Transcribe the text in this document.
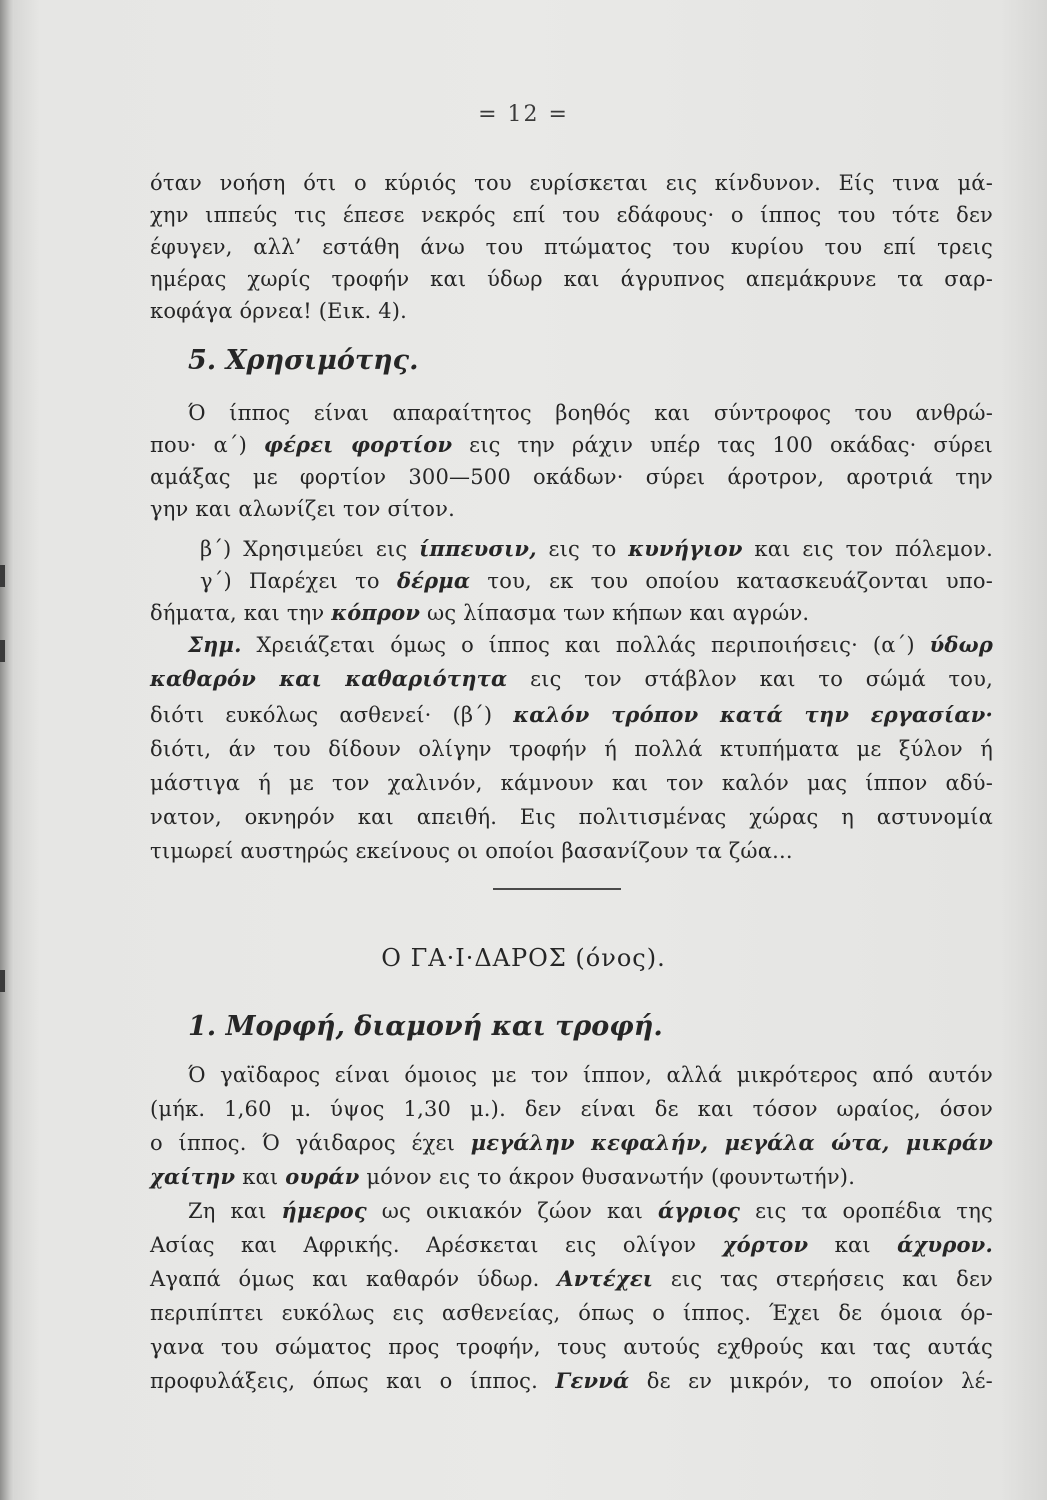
= 12 =
όταν νοήση ότι ο κύριός του ευρίσκεται εις κίνδυνον. Είς τινα μά-
χην ιππεύς τις έπεσε νεκρός επί του εδάφους· ο ίππος του τότε δεν
έφυγεν, αλλ’ εστάθη άνω του πτώματος του κυρίου του επί τρεις
ημέρας χωρίς τροφήν και ύδωρ και άγρυπνος απεμάκρυνε τα σαρ-
κοφάγα όρνεα! (Εικ. 4).
5. Χρησιμότης.
Ό ίππος είναι απαραίτητος βοηθός και σύντροφος του ανθρώ-
που· α΄) φέρει φορτίον εις την ράχιν υπέρ τας 100 οκάδας· σύρει
αμάξας με φορτίον 300—500 οκάδων· σύρει άροτρον, αροτριά την
γην και αλωνίζει τον σίτον.
β΄) Χρησιμεύει εις ίππευσιν, εις το κυνήγιον και εις τον πόλεμον.
γ΄) Παρέχει το δέρμα του, εκ του οποίου κατασκευάζονται υπο-
δήματα, και την κόπρον ως λίπασμα των κήπων και αγρών.
Σημ. Χρειάζεται όμως ο ίππος και πολλάς περιποιήσεις· (α΄) ύδωρ
καθαρόν και καθαριότητα εις τον στάβλον και το σώμά του,
διότι ευκόλως ασθενεί· (β΄) καλόν τρόπον κατά την εργασίαν·
διότι, άν του δίδουν ολίγην τροφήν ή πολλά κτυπήματα με ξύλον ή
μάστιγα ή με τον χαλινόν, κάμνουν και τον καλόν μας ίππον αδύ-
νατον, οκνηρόν και απειθή. Εις πολιτισμένας χώρας η αστυνομία
τιμωρεί αυστηρώς εκείνους οι οποίοι βασανίζουν τα ζώα...
Ο ΓΑ·Ι·ΔΑΡΟΣ (όνος).
1. Μορφή, διαμονή και τροφή.
Ό γαϊδαρος είναι όμοιος με τον ίππον, αλλά μικρότερος από αυτόν
(μήκ. 1,60 μ. ύψος 1,30 μ.). δεν είναι δε και τόσον ωραίος, όσον
ο ίππος. Ό γάιδαρος έχει μεγάλην κεφαλήν, μεγάλα ώτα, μικράν
χαίτην και ουράν μόνον εις το άκρον θυσανωτήν (φουντωτήν).
Ζη και ήμερος ως οικιακόν ζώον και άγριος εις τα οροπέδια της
Ασίας και Αφρικής. Αρέσκεται εις ολίγον χόρτον και άχυρον.
Αγαπά όμως και καθαρόν ύδωρ. Αντέχει εις τας στερήσεις και δεν
περιπίπτει ευκόλως εις ασθενείας, όπως ο ίππος. Έχει δε όμοια όρ-
γανα του σώματος προς τροφήν, τους αυτούς εχθρούς και τας αυτάς
προφυλάξεις, όπως και ο ίππος. Γεννά δε εν μικρόν, το οποίον λέ-
